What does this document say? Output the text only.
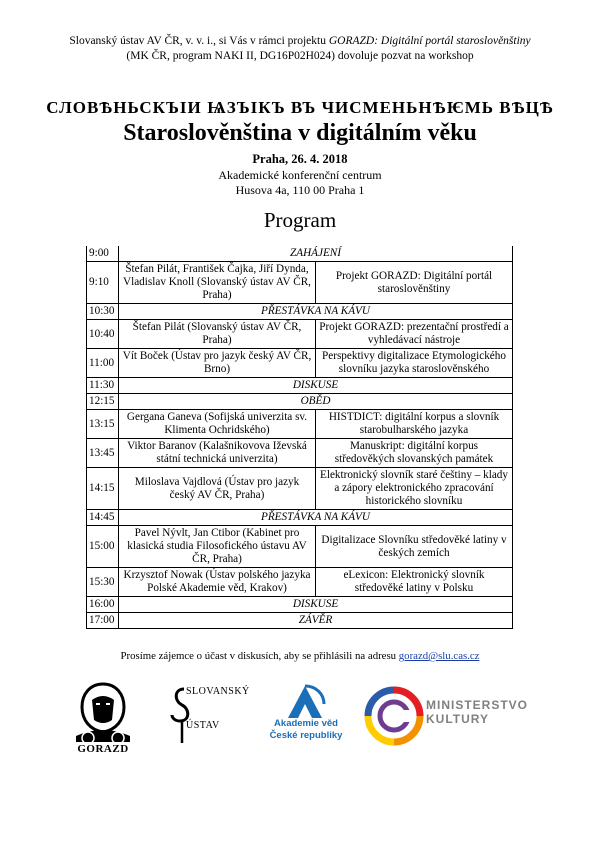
Slovanský ústav AV ČR, v. v. i., si Vás v rámci projektu GORAZD: Digitální portál staroslověnštiny
(MK ČR, program NAKI II, DG16P02H024) dovoluje pozvat na workshop
СЛОВѢНЬСКЪІИ ѨЗЪІКЪ ВЪ ЧИСМЕНЬНѢѤМЬ ВѢЦѢ
Staroslověnština v digitálním věku
Praha, 26. 4. 2018
Akademické konferenční centrum
Husova 4a, 110 00 Praha 1
Program
9:00	ZAHÁJENÍ	
9:10	Štefan Pilát, František Čajka, Jiří Dynda, Vladislav Knoll (Slovanský ústav AV ČR, Praha)	Projekt GORAZD: Digitální portál staroslověnštiny
10:30	PŘESTÁVKA NA KÁVU	
10:40	Štefan Pilát (Slovanský ústav AV ČR, Praha)	Projekt GORAZD: prezentační prostředí a vyhledávací nástroje
11:00	Vít Boček (Ústav pro jazyk český AV ČR, Brno)	Perspektivy digitalizace Etymologického slovníku jazyka staroslověnského
11:30	DISKUSE	
12:15	OBĚD	
13:15	Gergana Ganeva (Sofijská univerzita sv. Klimenta Ochridského)	HISTDICT: digitální korpus a slovník starobulharského jazyka
13:45	Viktor Baranov (Kalašnikovova Iževská státní technická univerzita)	Manuskript: digitální korpus středověkých slovanských památek
14:15	Miloslava Vajdlová (Ústav pro jazyk český AV ČR, Praha)	Elektronický slovník staré češtiny – klady a zápory elektronického zpracování historického slovníku
14:45	PŘESTÁVKA NA KÁVU	
15:00	Pavel Nývlt, Jan Ctibor (Kabinet pro klasická studia Filosofického ústavu AV ČR, Praha)	Digitalizace Slovníku středověké latiny v českých zemích
15:30	Krzysztof Nowak (Ústav polského jazyka Polské Akademie věd, Krakov)	eLexicon: Elektronický slovník středověké latiny v Polsku
16:00	DISKUSE	
17:00	ZÁVĚR	
Prosíme zájemce o účast v diskusích, aby se přihlásili na adresu gorazd@slu.cas.cz
GORAZD
SLOVANSKÝ
ÚSTAV	Akademie věd
České republiky
MINISTERSTVO
KULTURY
